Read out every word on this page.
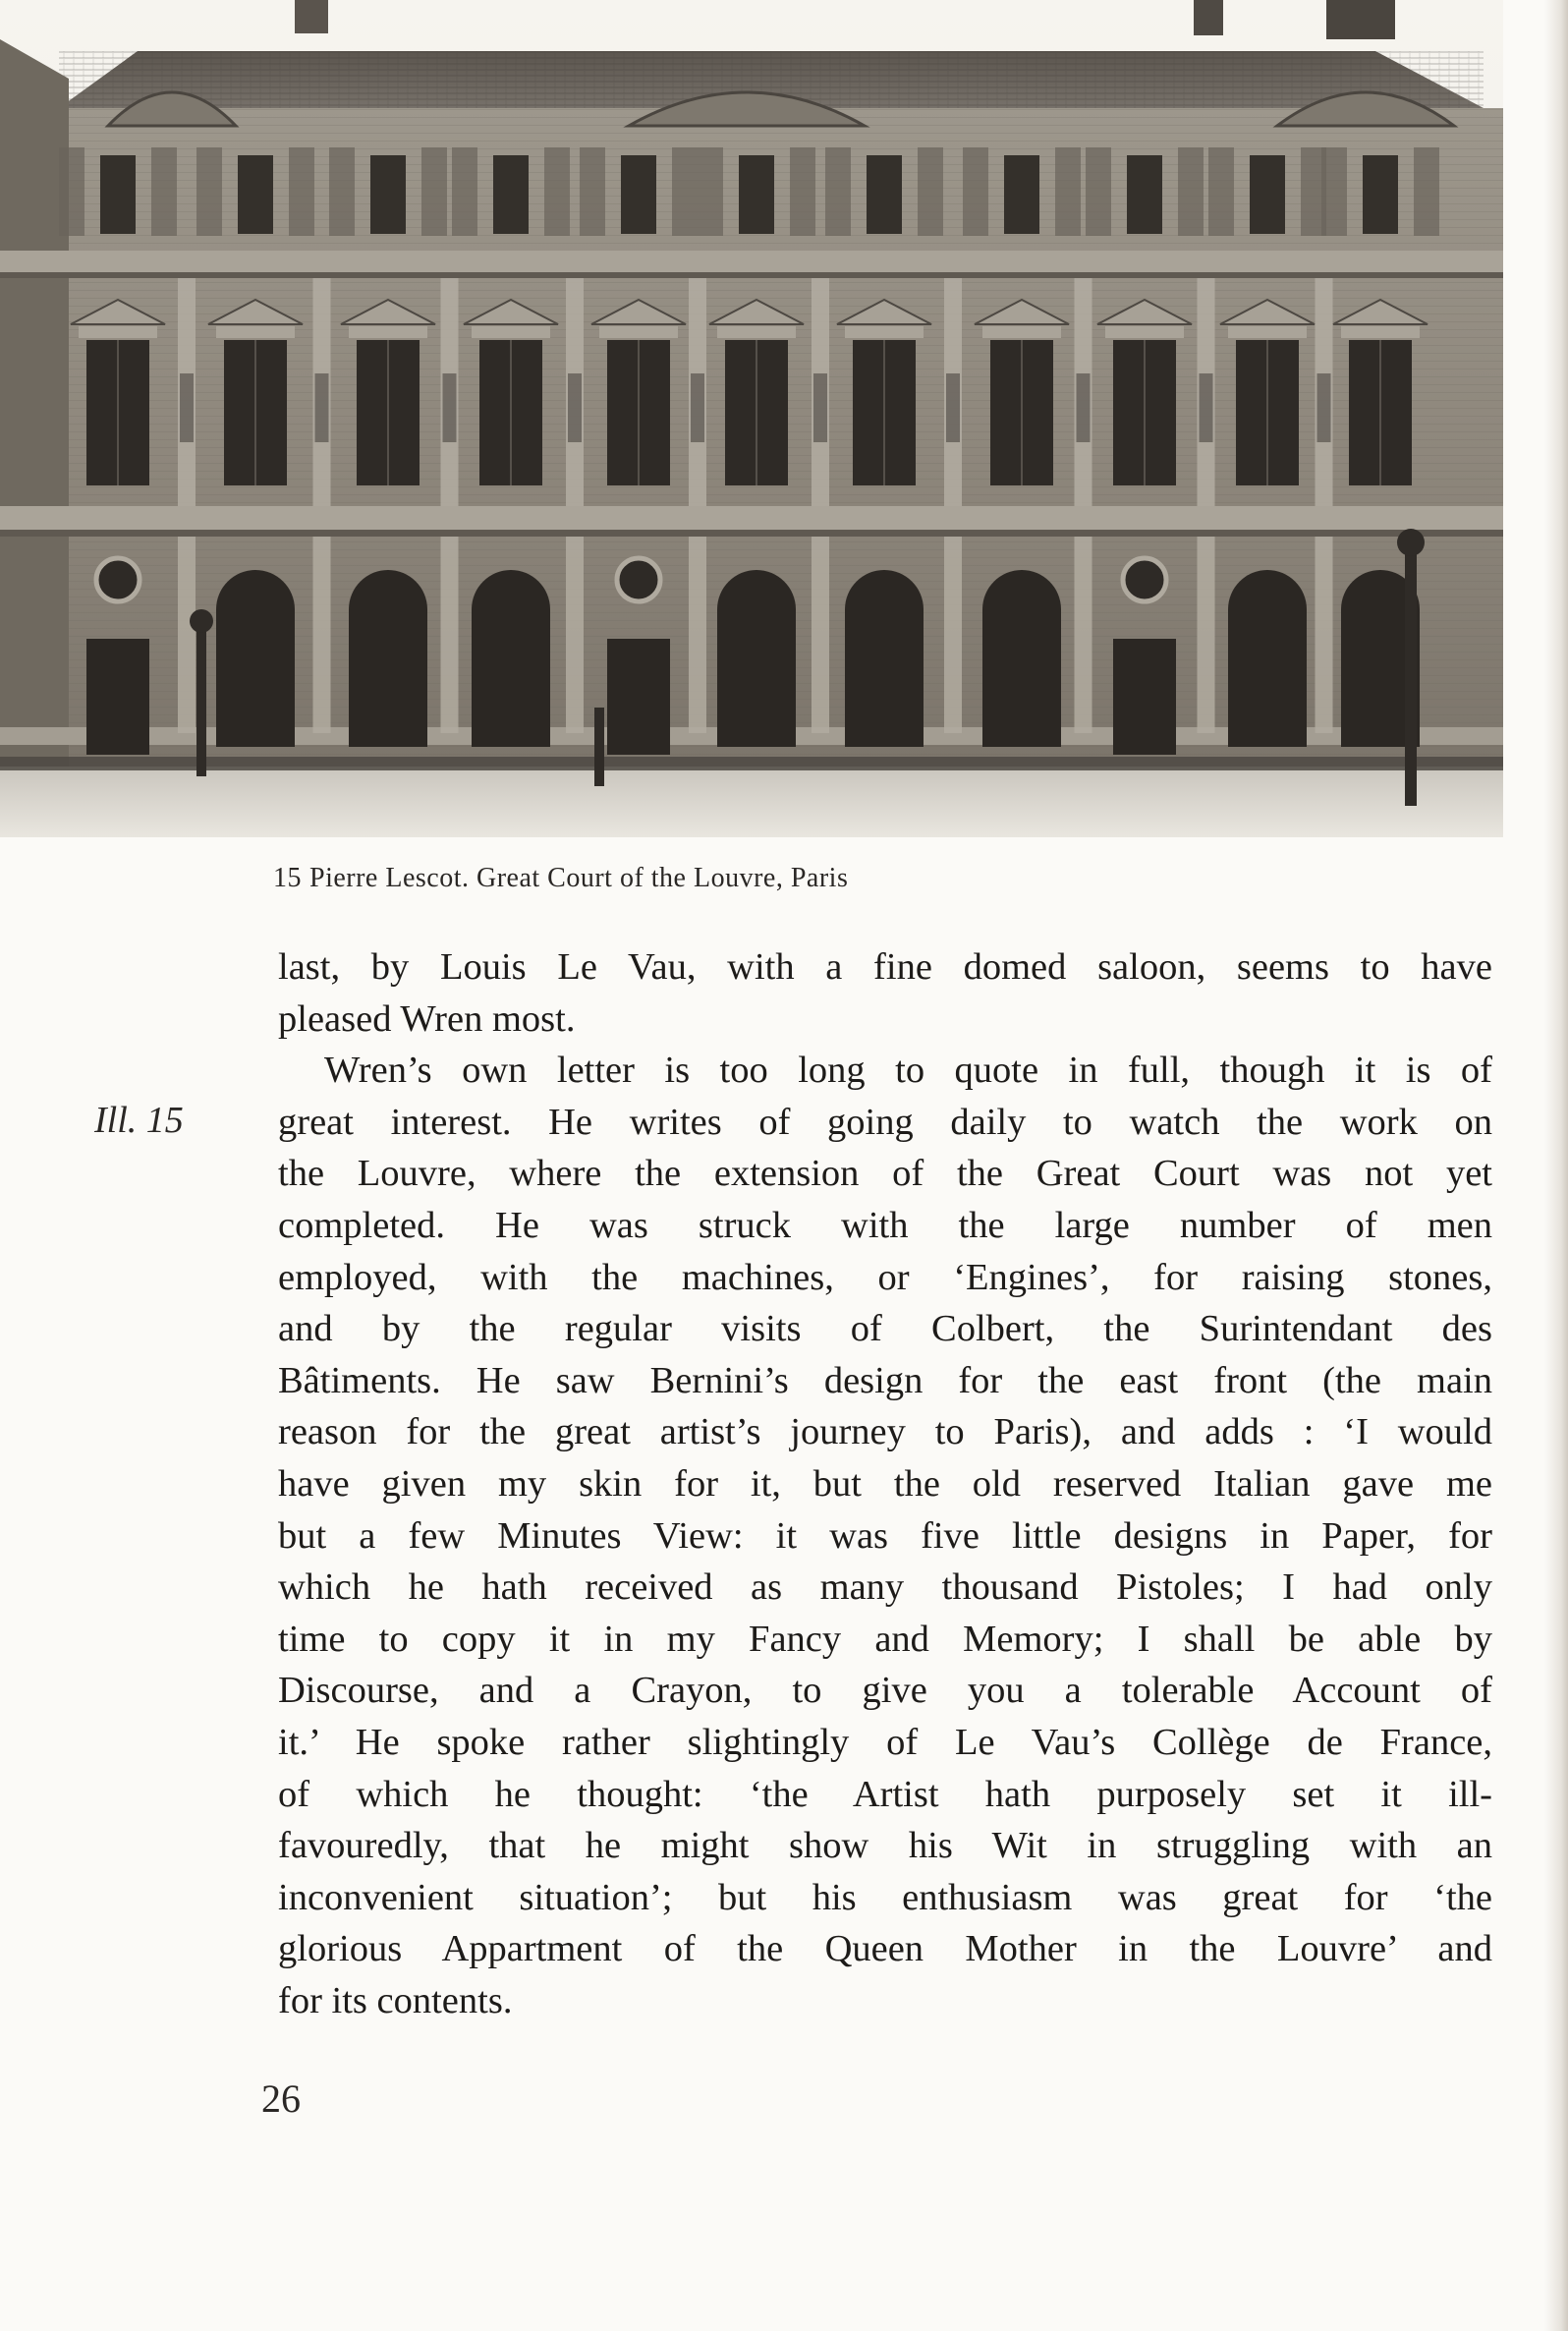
15 Pierre Lescot. Great Court of the Louvre, Paris
Ill. 15
last, by Louis Le Vau, with a fine domed saloon, seems to have
pleased Wren most.
Wren’s own letter is too long to quote in full, though it is of
great interest. He writes of going daily to watch the work on
the Louvre, where the extension of the Great Court was not yet
completed. He was struck with the large number of men
employed, with the machines, or ‘Engines’, for raising stones,
and by the regular visits of Colbert, the Surintendant des
Bâtiments. He saw Bernini’s design for the east front (the main
reason for the great artist’s journey to Paris), and adds : ‘I would
have given my skin for it, but the old reserved Italian gave me
but a few Minutes View: it was five little designs in Paper, for
which he hath received as many thousand Pistoles; I had only
time to copy it in my Fancy and Memory; I shall be able by
Discourse, and a Crayon, to give you a tolerable Account of
it.’ He spoke rather slightingly of Le Vau’s Collège de France,
of which he thought: ‘the Artist hath purposely set it ill-
favouredly, that he might show his Wit in struggling with an
inconvenient situation’; but his enthusiasm was great for ‘the
glorious Appartment of the Queen Mother in the Louvre’ and
for its contents.
26
